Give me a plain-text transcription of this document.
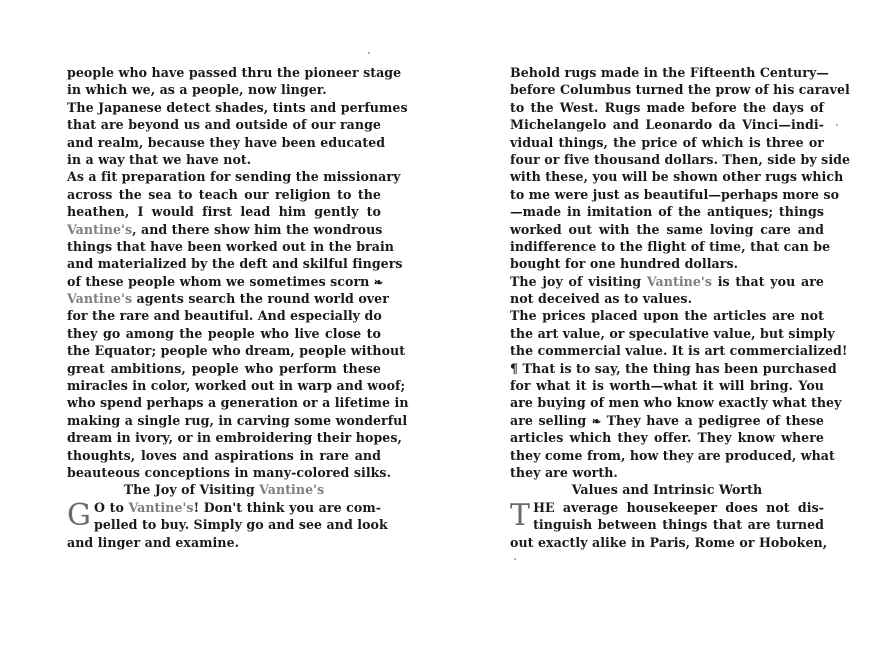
people who have passed thru the pioneer stage
in which we, as a people, now linger.
The Japanese detect shades, tints and perfumes
that are beyond us and outside of our range
and realm, because they have been educated
in a way that we have not.
As a fit preparation for sending the missionary
across the sea to teach our religion to the
heathen, I would first lead him gently to
Vantine's, and there show him the wondrous
things that have been worked out in the brain
and materialized by the deft and skilful fingers
of these people whom we sometimes scorn ❧
Vantine's agents search the round world over
for the rare and beautiful. And especially do
they go among the people who live close to
the Equator; people who dream, people without
great ambitions, people who perform these
miracles in color, worked out in warp and woof;
who spend perhaps a generation or a lifetime in
making a single rug, in carving some wonderful
dream in ivory, or in embroidering their hopes,
thoughts, loves and aspirations in rare and
beauteous conceptions in many-colored silks.
The Joy of Visiting Vantine's
G O to Vantine's! Don't think you are com-
pelled to buy. Simply go and see and look
and linger and examine.
Behold rugs made in the Fifteenth Century—
before Columbus turned the prow of his caravel
to the West. Rugs made before the days of
Michelangelo and Leonardo da Vinci—indi-
vidual things, the price of which is three or
four or five thousand dollars. Then, side by side
with these, you will be shown other rugs which
to me were just as beautiful—perhaps more so
—made in imitation of the antiques; things
worked out with the same loving care and
indifference to the flight of time, that can be
bought for one hundred dollars.
The joy of visiting Vantine's is that you are
not deceived as to values.
The prices placed upon the articles are not
the art value, or speculative value, but simply
the commercial value. It is art commercialized!
¶ That is to say, the thing has been purchased
for what it is worth—what it will bring. You
are buying of men who know exactly what they
are selling ❧ They have a pedigree of these
articles which they offer. They know where
they come from, how they are produced, what
they are worth.
Values and Intrinsic Worth
T HE average housekeeper does not dis-
tinguish between things that are turned
out exactly alike in Paris, Rome or Hoboken,
